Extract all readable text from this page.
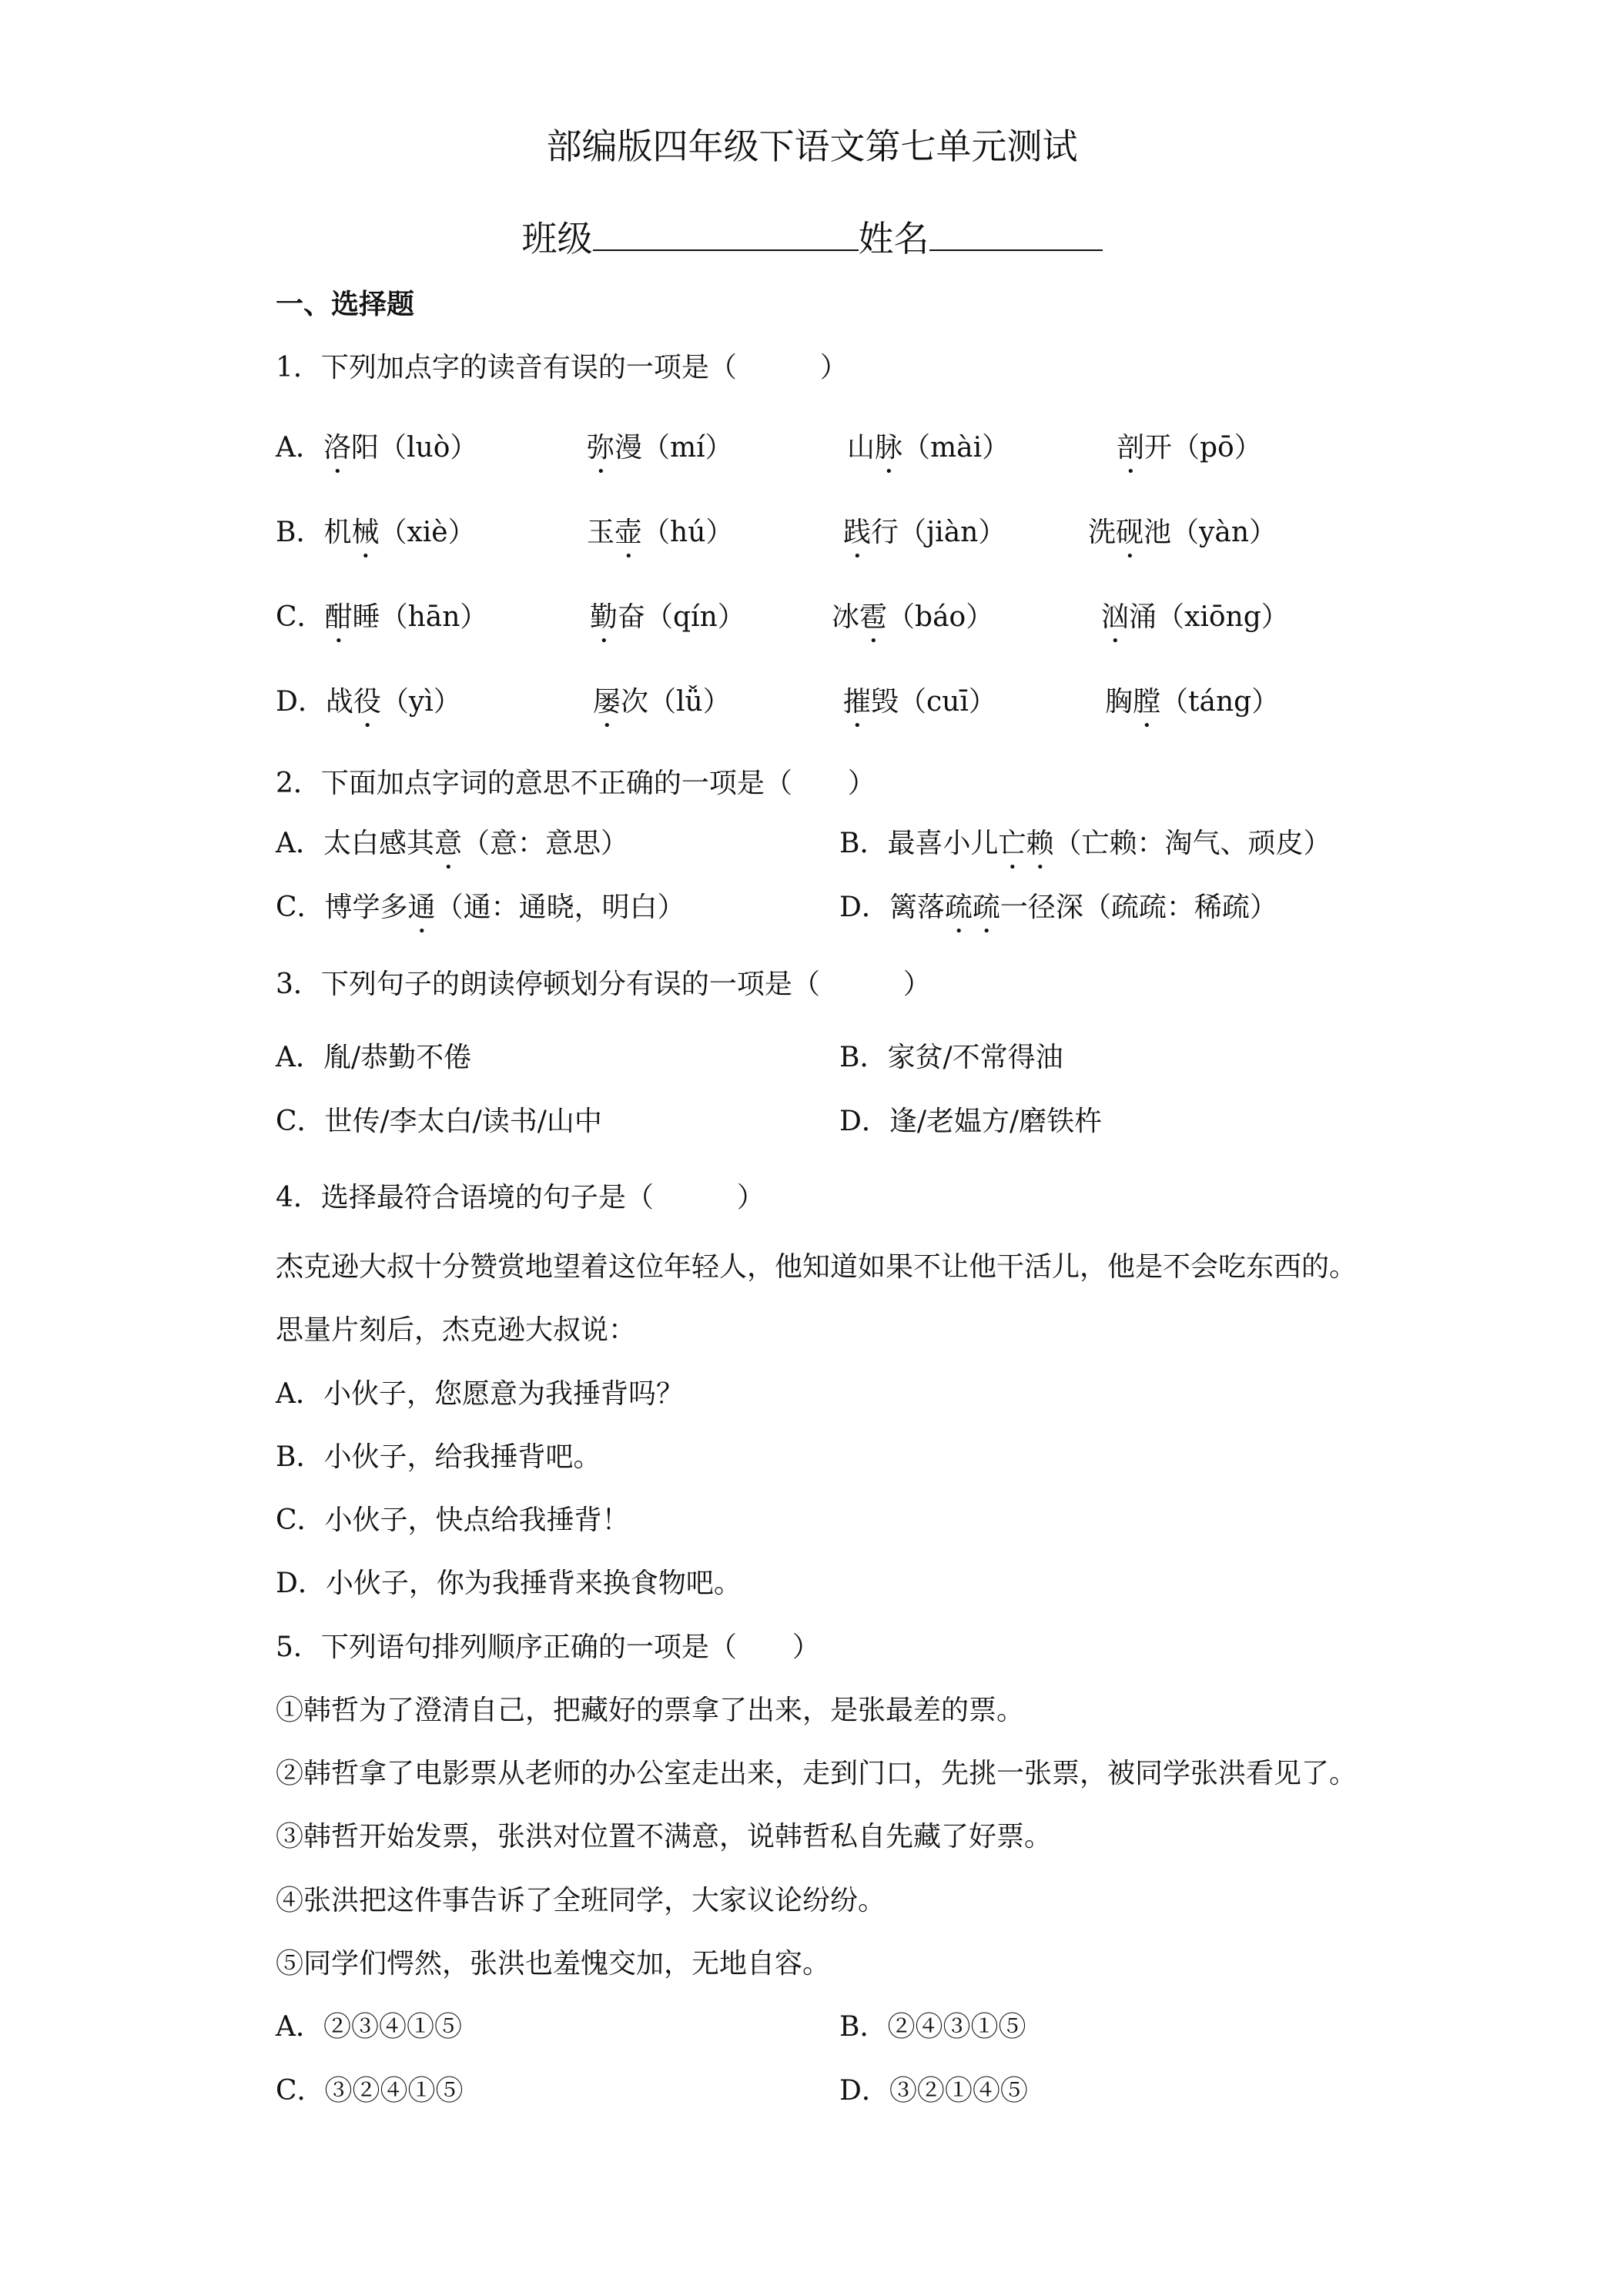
部编版四年级下语文第七单元测试
班级	姓名
一、选择题
1．下列加点字的读音有误的一项是（　　　）
A．洛阳（luò）	弥漫（mí）	山脉（mài）	剖开（pō）
B．机械（xiè）	玉壶（hú）	践行（jiàn）	洗砚池（yàn）
C．酣睡（hān）	勤奋（qín）	冰雹（báo）	汹涌（xiōng）
D．战役（yì）	屡次（lǚ）	摧毁（cuī）	胸膛（táng）
2．下面加点字词的意思不正确的一项是（　　）
A．太白感其意（意：意思）	B．最喜小儿亡赖（亡赖：淘气、顽皮）
C．博学多通（通：通晓，明白）	D．篱落疏疏一径深（疏疏：稀疏）
3．下列句子的朗读停顿划分有误的一项是（　　　）
A．胤/恭勤不倦	B．家贫/不常得油
C．世传/李太白/读书/山中	D．逢/老媪方/磨铁杵
4．选择最符合语境的句子是（　　　）
杰克逊大叔十分赞赏地望着这位年轻人，他知道如果不让他干活儿，他是不会吃东西的。
思量片刻后，杰克逊大叔说：
A．小伙子，您愿意为我捶背吗？
B．小伙子，给我捶背吧。
C．小伙子，快点给我捶背！
D．小伙子，你为我捶背来换食物吧。
5．下列语句排列顺序正确的一项是（　　）
①韩哲为了澄清自己，把藏好的票拿了出来，是张最差的票。
②韩哲拿了电影票从老师的办公室走出来，走到门口，先挑一张票，被同学张洪看见了。
③韩哲开始发票，张洪对位置不满意，说韩哲私自先藏了好票。
④张洪把这件事告诉了全班同学，大家议论纷纷。
⑤同学们愕然，张洪也羞愧交加，无地自容。
A．②③④①⑤	B．②④③①⑤
C．③②④①⑤	D．③②①④⑤
